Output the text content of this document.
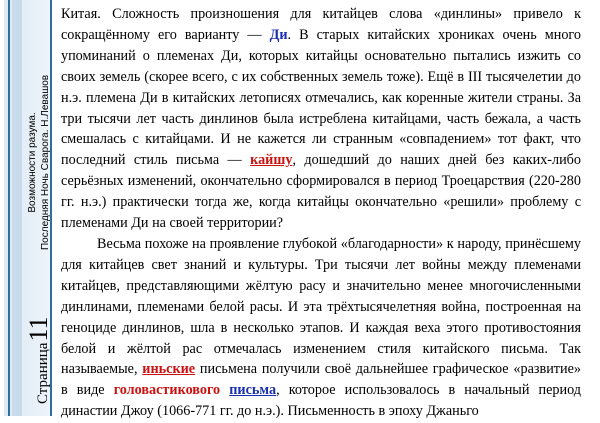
Возможности разума. Последняя Ночь Сварога. Н.Левашов
Страница11

Китая. Сложность произношения для китайцев слова «динлины» привело к сокращённому его варианту — Ди. В старых китайских хрониках очень много упоминаний о племенах Ди, которых китайцы основательно пытались изжить со своих земель (скорее всего, с их собственных земель тоже). Ещё в III тысячелетии до н.э. племена Ди в китайских летописях отмечались, как коренные жители страны. За три тысячи лет часть динлинов была истреблена китайцами, часть бежала, а часть смешалась с китайцами. И не кажется ли странным «совпадением» тот факт, что последний стиль письма — кайшу, дошедший до наших дней без каких-либо серьёзных изменений, окончательно сформировался в период Троецарствия (220-280 гг. н.э.) практически тогда же, когда китайцы окончательно «решили» проблему с племенами Ди на своей территории?

Весьма похоже на проявление глубокой «благодарности» к народу, принёсшему для китайцев свет знаний и культуры. Три тысячи лет войны между племенами китайцев, представляющими жёлтую расу и значительно менее многочисленными динлинами, племенами белой расы. И эта трёхтысячелетняя война, построенная на геноциде динлинов, шла в несколько этапов. И каждая веха этого противостояния белой и жёлтой рас отмечалась изменением стиля китайского письма. Так называемые, иньские письмена получили своё дальнейшее графическое «развитие» в виде головастикового письма, которое использовалось в начальный период династии Джоу (1066-771 гг. до н.э.). Письменность в эпоху Джаньго
